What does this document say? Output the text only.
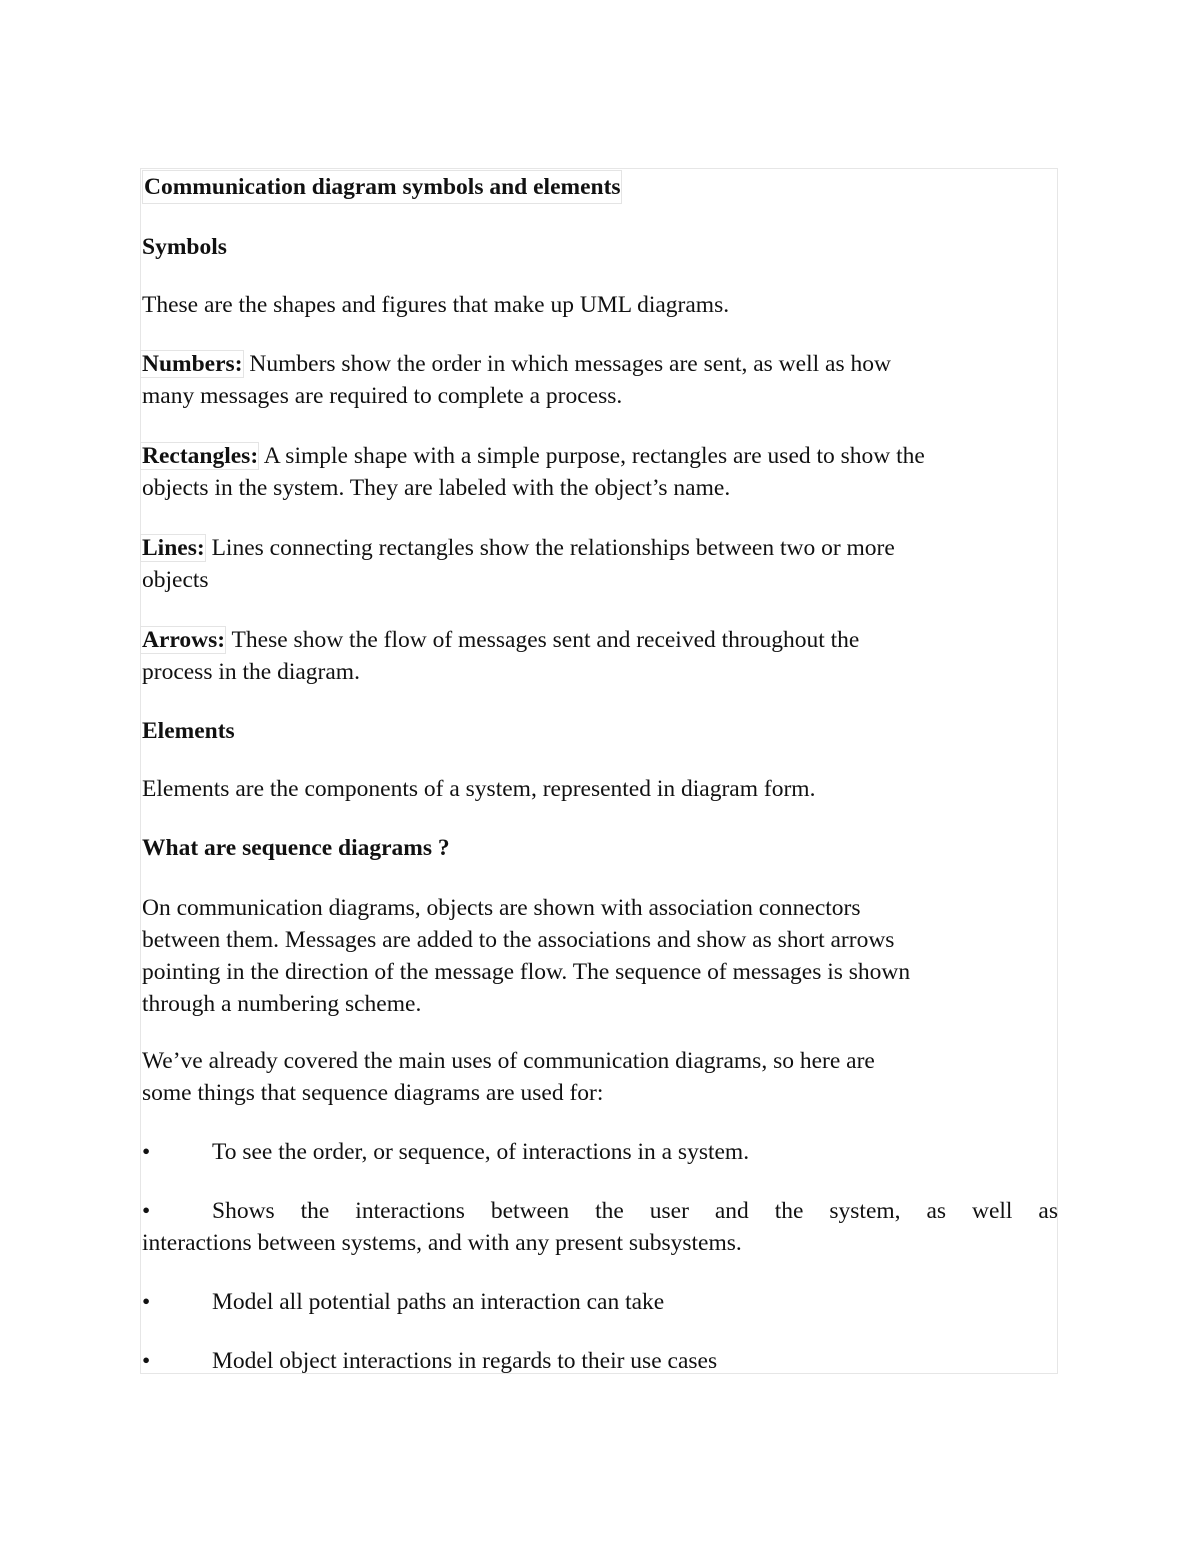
Communication diagram symbols and elements

Symbols

These are the shapes and figures that make up UML diagrams.

Numbers: Numbers show the order in which messages are sent, as well as how

many messages are required to complete a process.

Rectangles: A simple shape with a simple purpose, rectangles are used to show the

objects in the system. They are labeled with the object’s name.

Lines: Lines connecting rectangles show the relationships between two or more

objects

Arrows: These show the flow of messages sent and received throughout the

process in the diagram.

Elements

Elements are the components of a system, represented in diagram form.

What are sequence diagrams ?

On communication diagrams, objects are shown with association connectors

between them. Messages are added to the associations and show as short arrows

pointing in the direction of the message flow. The sequence of messages is shown

through a numbering scheme.

We’ve already covered the main uses of communication diagrams, so here are

some things that sequence diagrams are used for:

•	To see the order, or sequence, of interactions in a system.

•	Shows the interactions between the user and the system, as well as

interactions between systems, and with any present subsystems.

•	Model all potential paths an interaction can take

•	Model object interactions in regards to their use cases
